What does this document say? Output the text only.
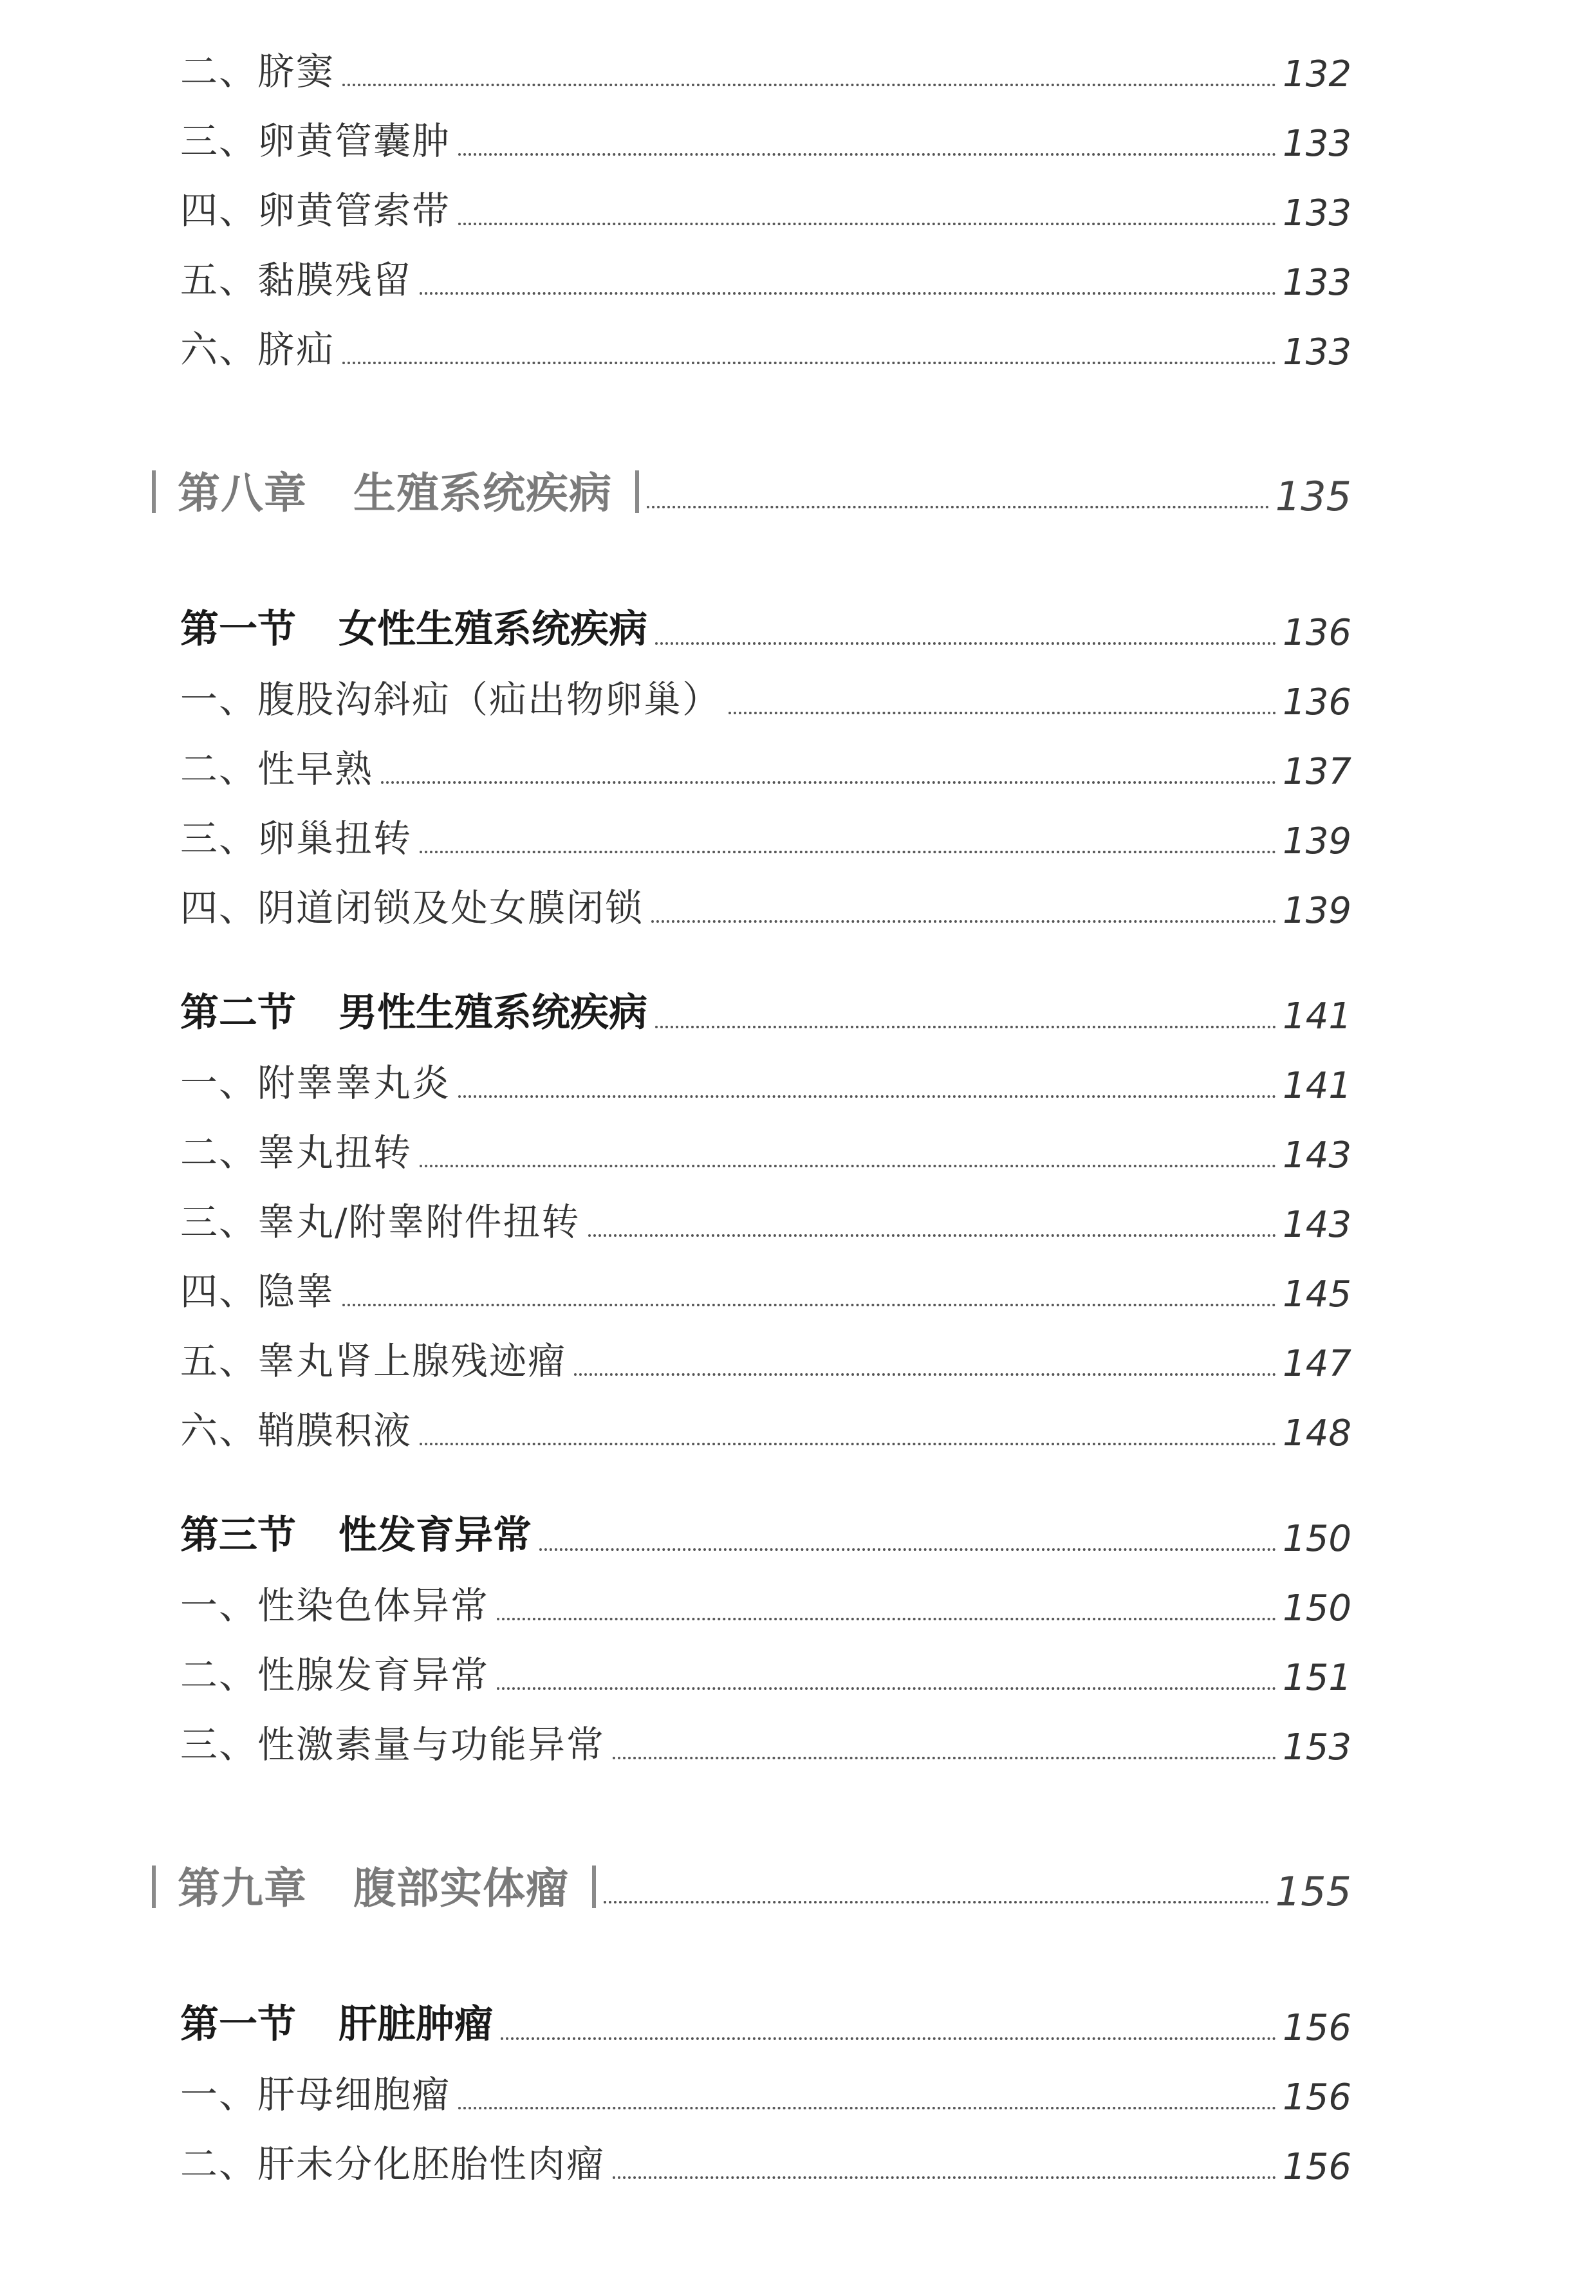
二、脐窦	132
三、卵黄管囊肿	133
四、卵黄管索带	133
五、黏膜残留	133
六、脐疝	133
第八章 生殖系统疾病	135
第一节 女性生殖系统疾病	136
一、腹股沟斜疝（疝出物卵巢）	136
二、性早熟	137
三、卵巢扭转	139
四、阴道闭锁及处女膜闭锁	139
第二节 男性生殖系统疾病	141
一、附睾睾丸炎	141
二、睾丸扭转	143
三、睾丸/附睾附件扭转	143
四、隐睾	145
五、睾丸肾上腺残迹瘤	147
六、鞘膜积液	148
第三节 性发育异常	150
一、性染色体异常	150
二、性腺发育异常	151
三、性激素量与功能异常	153
第九章 腹部实体瘤	155
第一节 肝脏肿瘤	156
一、肝母细胞瘤	156
二、肝未分化胚胎性肉瘤	156
